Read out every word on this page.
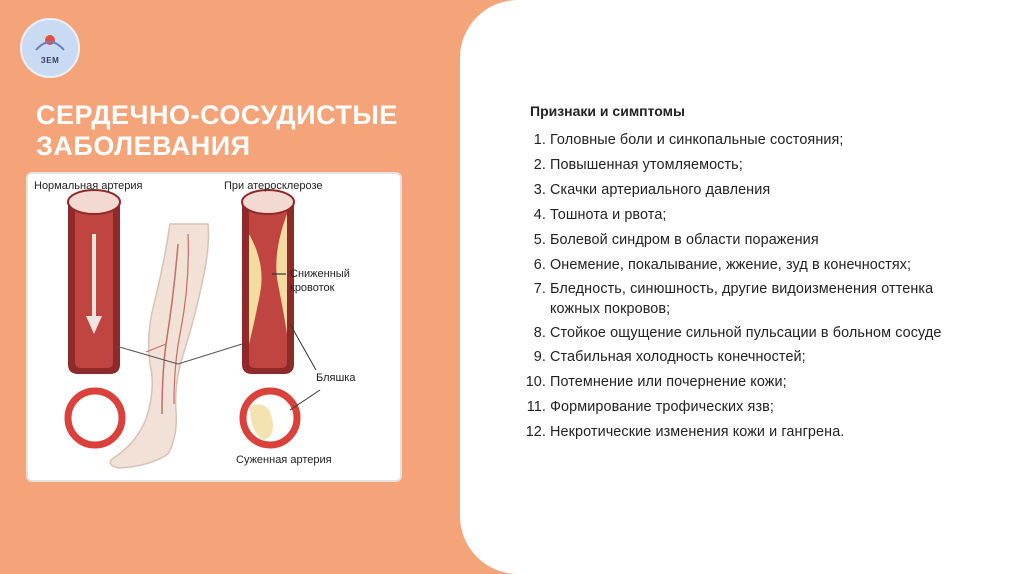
ЗЕМ
СЕРДЕЧНО-СОСУДИСТЫЕ
ЗАБОЛЕВАНИЯ
Нормальная артерия	При атеросклерозе
Сниженный
кровоток
Бляшка
Суженная артерия
Признаки и симптомы
1. Головные боли и синкопальные состояния;
2. Повышенная утомляемость;
3. Скачки артериального давления
4. Тошнота и рвота;
5. Болевой синдром в области поражения
6. Онемение, покалывание, жжение, зуд в конечностях;
7. Бледность, синюшность, другие видоизменения оттенка кожных покровов;
8. Стойкое ощущение сильной пульсации в больном сосуде
9. Стабильная холодность конечностей;
10. Потемнение или почернение кожи;
11. Формирование трофических язв;
12. Некротические изменения кожи и гангрена.
